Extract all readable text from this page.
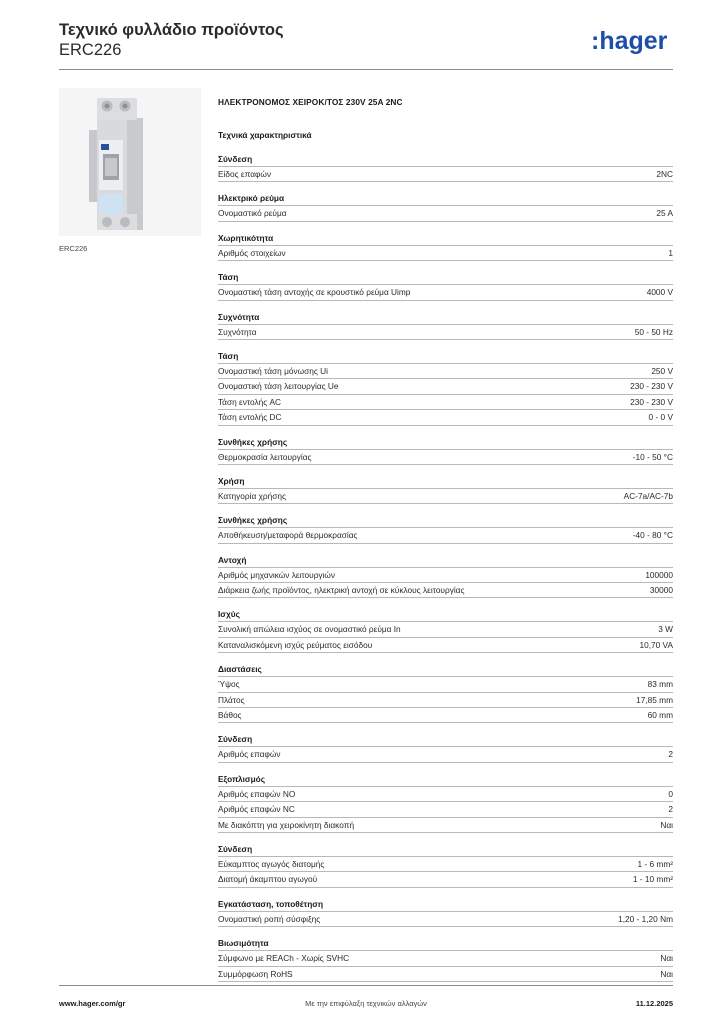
Τεχνικό φυλλάδιο προϊόντος
ERC226	:hager
ERC226
ΗΛΕΚΤΡΟΝΟΜΟΣ ΧΕΙΡΟΚ/ΤΟΣ 230V 25A 2NC
Τεχνικά χαρακτηριστικά
Σύνδεση
Είδος επαφών	2NC
Ηλεκτρικό ρεύμα
Ονομαστικό ρεύμα	25 A
Χωρητικότητα
Αριθμός στοιχείων	1
Τάση
Ονομαστική τάση αντοχής σε κρουστικό ρεύμα Uimp	4000 V
Συχνότητα
Συχνότητα	50 - 50 Hz
Τάση
Ονομαστική τάση μόνωσης Ui	250 V
Ονομαστική τάση λειτουργίας Ue	230 - 230 V
Τάση εντολής AC	230 - 230 V
Τάση εντολής DC	0 - 0 V
Συνθήκες χρήσης
Θερμοκρασία λειτουργίας	-10 - 50 °C
Χρήση
Κατηγορία χρήσης	AC-7a/AC-7b
Συνθήκες χρήσης
Αποθήκευση/μεταφορά θερμοκρασίας	-40 - 80 °C
Αντοχή
Αριθμός μηχανικών λειτουργιών	100000
Διάρκεια ζωής προϊόντος, ηλεκτρική αντοχή σε κύκλους λειτουργίας	30000
Ισχύς
Συνολική απώλεια ισχύος σε ονομαστικό ρεύμα In	3 W
Καταναλισκόμενη ισχύς ρεύματος εισόδου	10,70 VA
Διαστάσεις
Ύψος	83 mm
Πλάτος	17,85 mm
Βάθος	60 mm
Σύνδεση
Αριθμός επαφών	2
Εξοπλισμός
Αριθμός επαφών NO	0
Αριθμός επαφών NC	2
Με διακόπτη για χειροκίνητη διακοπή	Ναι
Σύνδεση
Εύκαμπτος αγωγός διατομής	1 - 6 mm²
Διατομή άκαμπτου αγωγού	1 - 10 mm²
Εγκατάσταση, τοποθέτηση
Ονομαστική ροπή σύσφιξης	1,20 - 1,20 Nm
Βιωσιμότητα
Σύμφωνο με REACh - Χωρίς SVHC	Ναι
Συμμόρφωση RoHS	Ναι
Με την επιφύλαξη τεχνικών αλλαγών
www.hager.com/gr	11.12.2025
